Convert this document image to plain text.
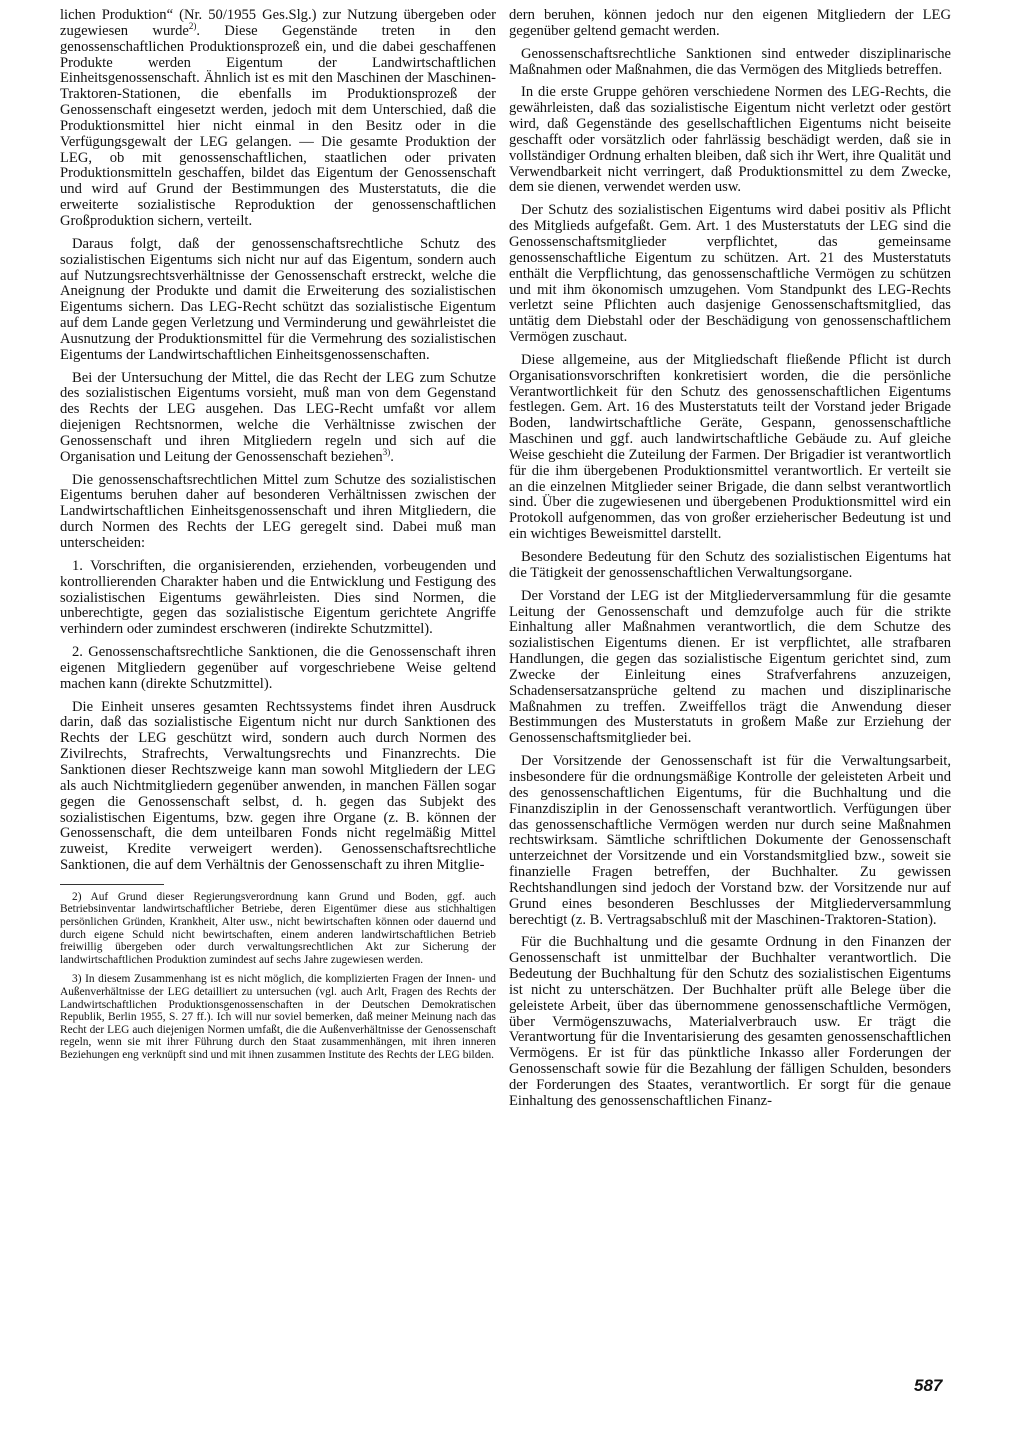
lichen Produktion“ (Nr. 50/1955 Ges.Slg.) zur Nutzung übergeben oder zugewiesen wurde$^{2)}$. Diese Gegenstände treten in den genossenschaftlichen Produktionsprozeß ein, und die dabei geschaffenen Produkte werden Eigentum der Landwirtschaftlichen Einheitsgenossenschaft. Ähnlich ist es mit den Maschinen der Maschinen-Traktoren-Stationen, die ebenfalls im Produktionsprozeß der Genossenschaft eingesetzt werden, jedoch mit dem Unterschied, daß die Produktionsmittel hier nicht einmal in den Besitz oder in die Verfügungsgewalt der LEG gelangen. — Die gesamte Produktion der LEG, ob mit genossenschaftlichen, staatlichen oder privaten Produktionsmitteln geschaffen, bildet das Eigentum der Genossenschaft und wird auf Grund der Bestimmungen des Musterstatuts, die die erweiterte sozialistische Reproduktion der genossenschaftlichen Großproduktion sichern, verteilt.

Daraus folgt, daß der genossenschaftsrechtliche Schutz des sozialistischen Eigentums sich nicht nur auf das Eigentum, sondern auch auf Nutzungsrechtsverhältnisse der Genossenschaft erstreckt, welche die Aneignung der Produkte und damit die Erweiterung des sozialistischen Eigentums sichern. Das LEG-Recht schützt das sozialistische Eigentum auf dem Lande gegen Verletzung und Verminderung und gewährleistet die Ausnutzung der Produktionsmittel für die Vermehrung des sozialistischen Eigentums der Landwirtschaftlichen Einheitsgenossenschaften.

Bei der Untersuchung der Mittel, die das Recht der LEG zum Schutze des sozialistischen Eigentums vorsieht, muß man von dem Gegenstand des Rechts der LEG ausgehen. Das LEG-Recht umfaßt vor allem diejenigen Rechtsnormen, welche die Verhältnisse zwischen der Genossenschaft und ihren Mitgliedern regeln und sich auf die Organisation und Leitung der Genossenschaft beziehen$^{3)}$.

Die genossenschaftsrechtlichen Mittel zum Schutze des sozialistischen Eigentums beruhen daher auf besonderen Verhältnissen zwischen der Landwirtschaftlichen Einheitsgenossenschaft und ihren Mitgliedern, die durch Normen des Rechts der LEG geregelt sind. Dabei muß man unterscheiden:

1. Vorschriften, die organisierenden, erziehenden, vorbeugenden und kontrollierenden Charakter haben und die Entwicklung und Festigung des sozialistischen Eigentums gewährleisten. Dies sind Normen, die unberechtigte, gegen das sozialistische Eigentum gerichtete Angriffe verhindern oder zumindest erschweren (indirekte Schutzmittel).

2. Genossenschaftsrechtliche Sanktionen, die die Genossenschaft ihren eigenen Mitgliedern gegenüber auf vorgeschriebene Weise geltend machen kann (direkte Schutzmittel).

Die Einheit unseres gesamten Rechtssystems findet ihren Ausdruck darin, daß das sozialistische Eigentum nicht nur durch Sanktionen des Rechts der LEG geschützt wird, sondern auch durch Normen des Zivilrechts, Strafrechts, Verwaltungsrechts und Finanzrechts. Die Sanktionen dieser Rechtszweige kann man sowohl Mitgliedern der LEG als auch Nichtmitgliedern gegenüber anwenden, in manchen Fällen sogar gegen die Genossenschaft selbst, d. h. gegen das Subjekt des sozialistischen Eigentums, bzw. gegen ihre Organe (z. B. können der Genossenschaft, die dem unteilbaren Fonds nicht regelmäßig Mittel zuweist, Kredite verweigert werden). Genossenschaftsrechtliche Sanktionen, die auf dem Verhältnis der Genossenschaft zu ihren Mitglie-

2) Auf Grund dieser Regierungsverordnung kann Grund und Boden, ggf. auch Betriebsinventar landwirtschaftlicher Betriebe, deren Eigentümer diese aus stichhaltigen persönlichen Gründen, Krankheit, Alter usw., nicht bewirtschaften können oder dauernd und durch eigene Schuld nicht bewirtschaften, einem anderen landwirtschaftlichen Betrieb freiwillig übergeben oder durch verwaltungsrechtlichen Akt zur Sicherung der landwirtschaftlichen Produktion zumindest auf sechs Jahre zugewiesen werden.

3) In diesem Zusammenhang ist es nicht möglich, die komplizierten Fragen der Innen- und Außenverhältnisse der LEG detailliert zu untersuchen (vgl. auch Arlt, Fragen des Rechts der Landwirtschaftlichen Produktionsgenossenschaften in der Deutschen Demokratischen Republik, Berlin 1955, S. 27 ff.). Ich will nur soviel bemerken, daß meiner Meinung nach das Recht der LEG auch diejenigen Normen umfaßt, die die Außenverhältnisse der Genossenschaft regeln, wenn sie mit ihrer Führung durch den Staat zusammenhängen, mit ihren inneren Beziehungen eng verknüpft sind und mit ihnen zusammen Institute des Rechts der LEG bilden.

dern beruhen, können jedoch nur den eigenen Mitgliedern der LEG gegenüber geltend gemacht werden.

Genossenschaftsrechtliche Sanktionen sind entweder disziplinarische Maßnahmen oder Maßnahmen, die das Vermögen des Mitglieds betreffen.

In die erste Gruppe gehören verschiedene Normen des LEG-Rechts, die gewährleisten, daß das sozialistische Eigentum nicht verletzt oder gestört wird, daß Gegenstände des gesellschaftlichen Eigentums nicht beiseite geschafft oder vorsätzlich oder fahrlässig beschädigt werden, daß sie in vollständiger Ordnung erhalten bleiben, daß sich ihr Wert, ihre Qualität und Verwendbarkeit nicht verringert, daß Produktionsmittel zu dem Zwecke, dem sie dienen, verwendet werden usw.

Der Schutz des sozialistischen Eigentums wird dabei positiv als Pflicht des Mitglieds aufgefaßt. Gem. Art. 1 des Musterstatuts der LEG sind die Genossenschaftsmitglieder verpflichtet, das gemeinsame genossenschaftliche Eigentum zu schützen. Art. 21 des Musterstatuts enthält die Verpflichtung, das genossenschaftliche Vermögen zu schützen und mit ihm ökonomisch umzugehen. Vom Standpunkt des LEG-Rechts verletzt seine Pflichten auch dasjenige Genossenschaftsmitglied, das untätig dem Diebstahl oder der Beschädigung von genossenschaftlichem Vermögen zuschaut.

Diese allgemeine, aus der Mitgliedschaft fließende Pflicht ist durch Organisationsvorschriften konkretisiert worden, die die persönliche Verantwortlichkeit für den Schutz des genossenschaftlichen Eigentums festlegen. Gem. Art. 16 des Musterstatuts teilt der Vorstand jeder Brigade Boden, landwirtschaftliche Geräte, Gespann, genossenschaftliche Maschinen und ggf. auch landwirtschaftliche Gebäude zu. Auf gleiche Weise geschieht die Zuteilung der Farmen. Der Brigadier ist verantwortlich für die ihm übergebenen Produktionsmittel verantwortlich. Er verteilt sie an die einzelnen Mitglieder seiner Brigade, die dann selbst verantwortlich sind. Über die zugewiesenen und übergebenen Produktionsmittel wird ein Protokoll aufgenommen, das von großer erzieherischer Bedeutung ist und ein wichtiges Beweismittel darstellt.

Besondere Bedeutung für den Schutz des sozialistischen Eigentums hat die Tätigkeit der genossenschaftlichen Verwaltungsorgane.

Der Vorstand der LEG ist der Mitgliederversammlung für die gesamte Leitung der Genossenschaft und demzufolge auch für die strikte Einhaltung aller Maßnahmen verantwortlich, die dem Schutze des sozialistischen Eigentums dienen. Er ist verpflichtet, alle strafbaren Handlungen, die gegen das sozialistische Eigentum gerichtet sind, zum Zwecke der Einleitung eines Strafverfahrens anzuzeigen, Schadensersatzansprüche geltend zu machen und disziplinarische Maßnahmen zu treffen. Zweiffellos trägt die Anwendung dieser Bestimmungen des Musterstatuts in großem Maße zur Erziehung der Genossenschaftsmitglieder bei.

Der Vorsitzende der Genossenschaft ist für die Verwaltungsarbeit, insbesondere für die ordnungsmäßige Kontrolle der geleisteten Arbeit und des genossenschaftlichen Eigentums, für die Buchhaltung und die Finanzdisziplin in der Genossenschaft verantwortlich. Verfügungen über das genossenschaftliche Vermögen werden nur durch seine Maßnahmen rechtswirksam. Sämtliche schriftlichen Dokumente der Genossenschaft unterzeichnet der Vorsitzende und ein Vorstandsmitglied bzw., soweit sie finanzielle Fragen betreffen, der Buchhalter. Zu gewissen Rechtshandlungen sind jedoch der Vorstand bzw. der Vorsitzende nur auf Grund eines besonderen Beschlusses der Mitgliederversammlung berechtigt (z. B. Vertragsabschluß mit der Maschinen-Traktoren-Station).

Für die Buchhaltung und die gesamte Ordnung in den Finanzen der Genossenschaft ist unmittelbar der Buchhalter verantwortlich. Die Bedeutung der Buchhaltung für den Schutz des sozialistischen Eigentums ist nicht zu unterschätzen. Der Buchhalter prüft alle Belege über die geleistete Arbeit, über das übernommene genossenschaftliche Vermögen, über Vermögenszuwachs, Materialverbrauch usw. Er trägt die Verantwortung für die Inventarisierung des gesamten genossenschaftlichen Vermögens. Er ist für das pünktliche Inkasso aller Forderungen der Genossenschaft sowie für die Bezahlung der fälligen Schulden, besonders der Forderungen des Staates, verantwortlich. Er sorgt für die genaue Einhaltung des genossenschaftlichen Finanz-

587
